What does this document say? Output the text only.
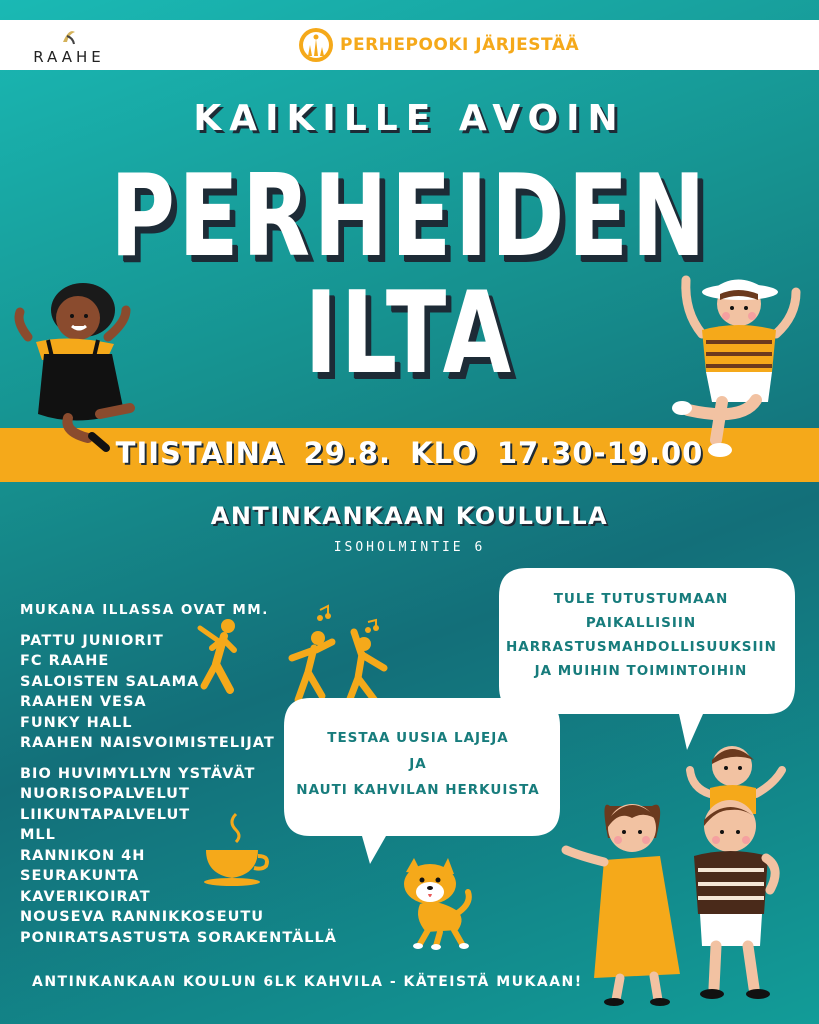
RAAHE
PERHEPOOKI JÄRJESTÄÄ
KAIKILLE AVOIN
PERHEIDEN
ILTA
TIISTAINA 29.8. KLO 17.30-19.00
ANTINKANKAAN KOULULLA
ISOHOLMINTIE 6
MUKANA ILLASSA OVAT MM.
PATTU JUNIORIT
FC RAAHE
SALOISTEN SALAMA
RAAHEN VESA
FUNKY HALL
RAAHEN NAISVOIMISTELIJAT
BIO HUVIMYLLYN YSTÄVÄT
NUORISOPALVELUT
LIIKUNTAPALVELUT
MLL
RANNIKON 4H
SEURAKUNTA
KAVERIKOIRAT
NOUSEVA RANNIKKOSEUTU
PONIRATSASTUSTA SORAKENTÄLLÄ
TULE TUTUSTUMAAN
PAIKALLISIIN
HARRASTUSMAHDOLLISUUKSIIN
JA MUIHIN TOIMINTOIHIN
TESTAA UUSIA LAJEJA
JA
NAUTI KAHVILAN HERKUISTA
ANTINKANKAAN KOULUN 6LK KAHVILA - KÄTEISTÄ MUKAAN!
